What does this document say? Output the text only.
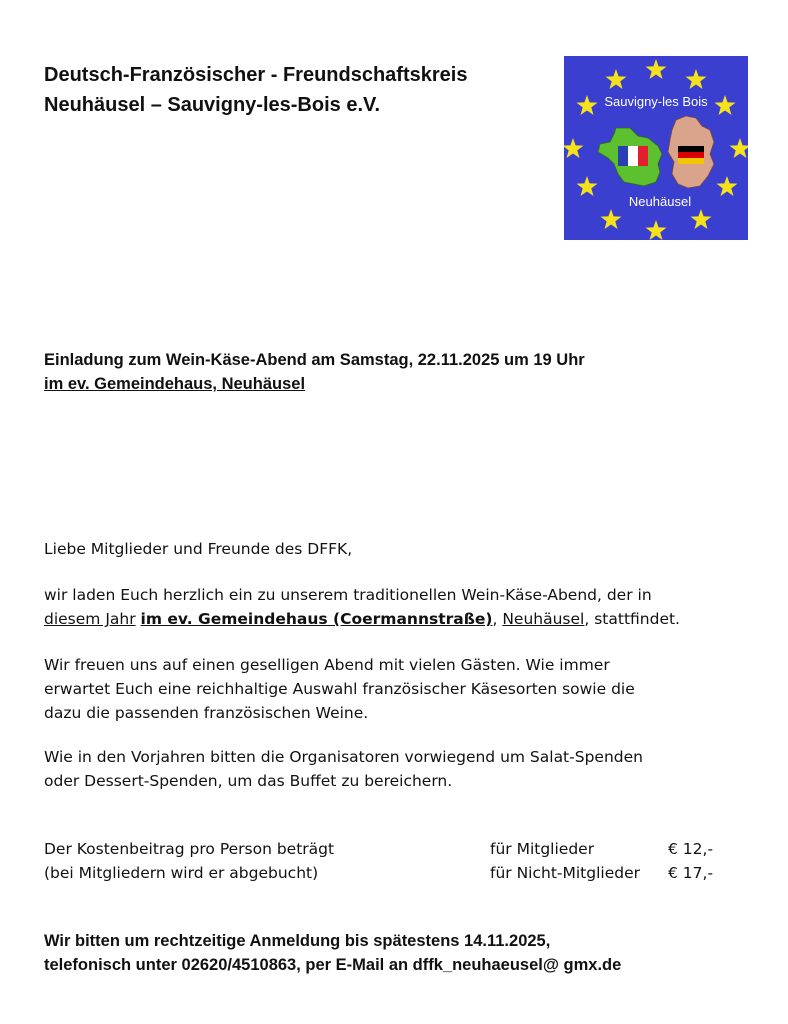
Deutsch-Französischer - Freundschaftskreis
Neuhäusel – Sauvigny-les-Bois e.V.	Sauvigny-les Bois
Neuhäusel
Einladung zum Wein-Käse-Abend am Samstag, 22.11.2025 um 19 Uhr
im ev. Gemeindehaus, Neuhäusel
Liebe Mitglieder und Freunde des DFFK,
wir laden Euch herzlich ein zu unserem traditionellen Wein-Käse-Abend, der in
diesem Jahr im ev. Gemeindehaus (Coermannstraße), Neuhäusel, stattfindet.
Wir freuen uns auf einen geselligen Abend mit vielen Gästen. Wie immer
erwartet Euch eine reichhaltige Auswahl französischer Käsesorten sowie die
dazu die passenden französischen Weine.
Wie in den Vorjahren bitten die Organisatoren vorwiegend um Salat-Spenden
oder Dessert-Spenden, um das Buffet zu bereichern.
Der Kostenbeitrag pro Person beträgt	für Mitglieder	€ 12,-
(bei Mitgliedern wird er abgebucht)	für Nicht-Mitglieder € 17,-
Wir bitten um rechtzeitige Anmeldung bis spätestens 14.11.2025,
telefonisch unter 02620/4510863, per E-Mail an dffk_neuhaeusel@ gmx.de
